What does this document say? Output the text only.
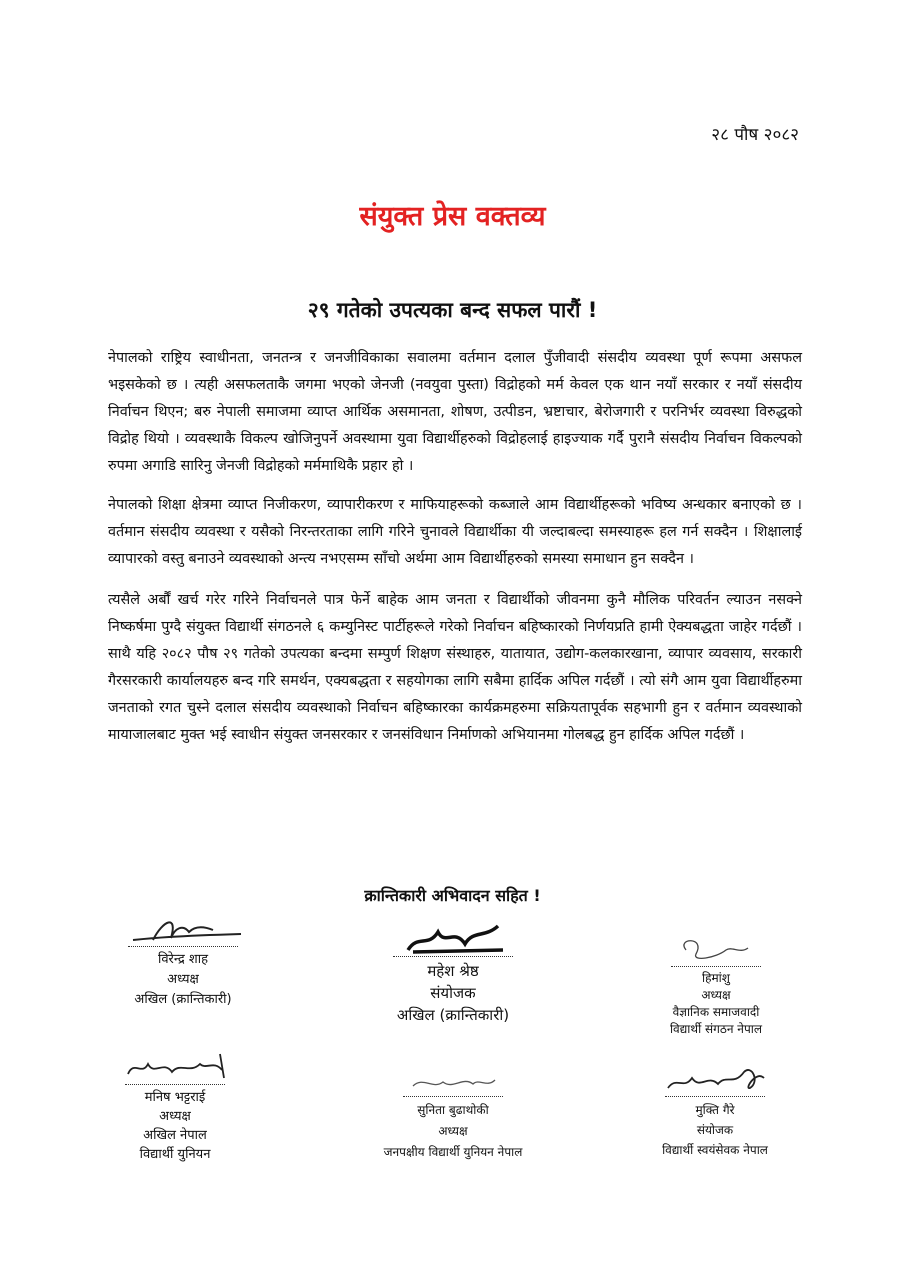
२८ पौष २०८२
संयुक्त प्रेस वक्तव्य
२९ गतेको उपत्यका बन्द सफल पारौं !

नेपालको राष्ट्रिय स्वाधीनता, जनतन्त्र र जनजीविकाका सवालमा वर्तमान दलाल पुँजीवादी संसदीय व्यवस्था पूर्ण रूपमा असफल भइसकेको छ । त्यही असफलताकै जगमा भएको जेनजी (नवयुवा पुस्ता) विद्रोहको मर्म केवल एक थान नयाँ सरकार र नयाँ संसदीय निर्वाचन थिएन; बरु नेपाली समाजमा व्याप्त आर्थिक असमानता, शोषण, उत्पीडन, भ्रष्टाचार, बेरोजगारी र परनिर्भर व्यवस्था विरुद्धको विद्रोह थियो । व्यवस्थाकै विकल्प खोजिनुपर्ने अवस्थामा युवा विद्यार्थीहरुको विद्रोहलाई हाइज्याक गर्दै पुरानै संसदीय निर्वाचन विकल्पको रुपमा अगाडि सारिनु जेनजी विद्रोहको मर्ममाथिकै प्रहार हो ।

नेपालको शिक्षा क्षेत्रमा व्याप्त निजीकरण, व्यापारीकरण र माफियाहरूको कब्जाले आम विद्यार्थीहरूको भविष्य अन्धकार बनाएको छ । वर्तमान संसदीय व्यवस्था र यसैको निरन्तरताका लागि गरिने चुनावले विद्यार्थीका यी जल्दाबल्दा समस्याहरू हल गर्न सक्दैन । शिक्षालाई व्यापारको वस्तु बनाउने व्यवस्थाको अन्त्य नभएसम्म साँचो अर्थमा आम विद्यार्थीहरुको समस्या समाधान हुन सक्दैन ।

त्यसैले अर्बौं खर्च गरेर गरिने निर्वाचनले पात्र फेर्ने बाहेक आम जनता र विद्यार्थीको जीवनमा कुनै मौलिक परिवर्तन ल्याउन नसक्ने निष्कर्षमा पुग्दै संयुक्त विद्यार्थी संगठनले ६ कम्युनिस्ट पार्टीहरूले गरेको निर्वाचन बहिष्कारको निर्णयप्रति हामी ऐक्यबद्धता जाहेर गर्दछौं । साथै यहि २०८२ पौष २९ गतेको उपत्यका बन्दमा सम्पुर्ण शिक्षण संस्थाहरु, यातायात, उद्योग-कलकारखाना, व्यापार व्यवसाय, सरकारी गैरसरकारी कार्यालयहरु बन्द गरि समर्थन, एक्यबद्धता र सहयोगका लागि सबैमा हार्दिक अपिल गर्दछौं । त्यो संगै आम युवा विद्यार्थीहरुमा जनताको रगत चुस्ने दलाल संसदीय व्यवस्थाको निर्वाचन बहिष्कारका कार्यक्रमहरुमा सक्रियतापूर्वक सहभागी हुन र वर्तमान व्यवस्थाको मायाजालबाट मुक्त भई स्वाधीन संयुक्त जनसरकार र जनसंविधान निर्माणको अभियानमा गोलबद्ध हुन हार्दिक अपिल गर्दछौं ।

क्रान्तिकारी अभिवादन सहित !
विरेन्द्र शाह
अध्यक्ष
अखिल (क्रान्तिकारी)
महेश श्रेष्ठ
संयोजक
अखिल (क्रान्तिकारी)
हिमांशु
अध्यक्ष
वैज्ञानिक समाजवादी
विद्यार्थी संगठन नेपाल
मनिष भट्टराई
अध्यक्ष
अखिल नेपाल
विद्यार्थी युनियन
सुनिता बुढाथोकी
अध्यक्ष
जनपक्षीय विद्यार्थी युनियन नेपाल
मुक्ति गैरे
संयोजक
विद्यार्थी स्वयंसेवक नेपाल
